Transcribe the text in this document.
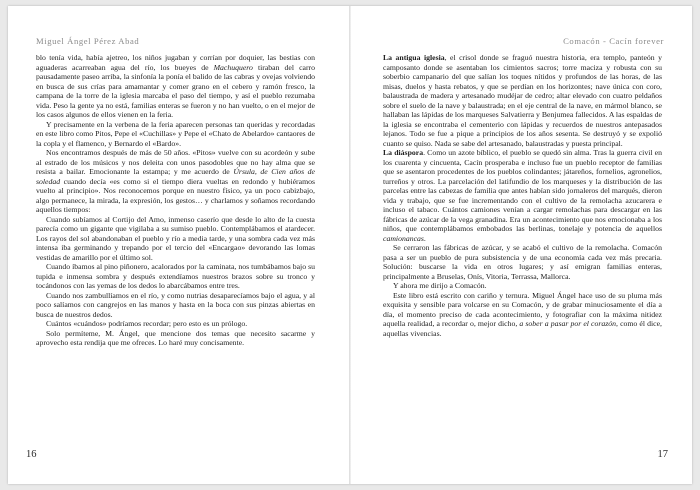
Miguel Ángel Pérez Abad

blo tenía vida, había ajetreo, los niños jugaban y corrían por doquier, las bestias con aguaderas acarreaban agua del río, los bueyes de Machuquero tiraban del carro pausadamente paseo arriba, la sinfonía la ponía el balido de las cabras y ovejas volviendo en busca de sus crías para amamantar y comer grano en el cebero y ramón fresco, la campana de la torre de la iglesia marcaba el paso del tiempo, y así el pueblo rezumaba vida. Peso la gente ya no está, familias enteras se fueron y no han vuelto, o en el mejor de los casos algunos de ellos vienen en la feria.

Y precisamente en la verbena de la feria aparecen personas tan queridas y recordadas en este libro como Pitos, Pepe el «Cuchillas» y Pepe el «Chato de Abelardo» cantaores de la copla y el flamenco, y Bernardo el «Bardo».

Nos encontramos después de más de 50 años. «Pitos» vuelve con su acordeón y sube al estrado de los músicos y nos deleita con unos pasodobles que no hay alma que se resista a bailar. Emocionante la estampa; y me acuerdo de Úrsula, de Cien años de soledad cuando decía «es como si el tiempo diera vueltas en redondo y hubiéramos vuelto al principio». Nos reconocemos porque en nuestro físico, ya un poco cabizbajo, algo permanece, la mirada, la expresión, los gestos… y charlamos y soñamos recordando aquellos tiempos:

Cuando subíamos al Cortijo del Amo, inmenso caserío que desde lo alto de la cuesta parecía como un gigante que vigilaba a su sumiso pueblo. Contemplábamos el atardecer. Los rayos del sol abandonaban el pueblo y río a media tarde, y una sombra cada vez más intensa iba germinando y trepando por el tercio del «Encargao» devorando las lomas vestidas de amarillo por el último sol.

Cuando íbamos al pino piñonero, acalorados por la caminata, nos tumbábamos bajo su tupida e inmensa sombra y después extendíamos nuestros brazos sobre su tronco y tocándonos con las yemas de los dedos lo abarcábamos entre tres.

Cuando nos zambullíamos en el río, y como nutrias desaparecíamos bajo el agua, y al poco salíamos con cangrejos en las manos y hasta en la boca con sus pinzas abiertas en busca de nuestros dedos.

Cuántos «cuándos» podríamos recordar; pero esto es un prólogo.

Solo permíteme, M. Ángel, que mencione dos temas que necesito sacarme y aprovecho esta rendija que me ofreces. Lo haré muy concisamente.

16
Comacón - Cacín forever

La antigua iglesia, el crisol donde se fraguó nuestra historia, era templo, panteón y camposanto donde se asentaban los cimientos sacros; torre maciza y robusta con su soberbio campanario del que salían los toques nítidos y profundos de las horas, de las misas, duelos y hasta rebatos, y que se perdían en los horizontes; nave única con coro, balaustrada de madera y artesanado mudéjar de cedro; altar elevado con cuatro peldaños sobre el suelo de la nave y balaustrada; en el eje central de la nave, en mármol blanco, se hallaban las lápidas de los marqueses Salvatierra y Benjumea fallecidos. A las espaldas de la iglesia se encontraba el cementerio con lápidas y recuerdos de nuestros antepasados lejanos. Todo se fue a pique a principios de los años sesenta. Se destruyó y se expolió cuanto se quiso. Nada se sabe del artesanado, balaustradas y puesta principal.

La diáspora. Como un azote bíblico, el pueblo se quedó sin alma. Tras la guerra civil en los cuarenta y cincuenta, Cacín prosperaba e incluso fue un pueblo receptor de familias que se asentaron procedentes de los pueblos colindantes; játareños, fornelios, agronelios, turreños y otros. La parcelación del latifundio de los marqueses y la distribución de las parcelas entre las cabezas de familia que antes habían sido jornaleros del marqués, dieron vida y trabajo, que se fue incrementando con el cultivo de la remolacha azucarera e incluso el tabaco. Cuántos camiones venían a cargar remolachas para descargar en las fábricas de azúcar de la vega granadina. Era un acontecimiento que nos emocionaba a los niños, que contemplábamos embobados las berlinas, tonelaje y potencia de aquellos camionancas.

Se cerraron las fábricas de azúcar, y se acabó el cultivo de la remolacha. Comacón pasa a ser un pueblo de pura subsistencia y de una economía cada vez más precaria. Solución: buscarse la vida en otros lugares; y así emigran familias enteras, principalmente a Bruselas, Onís, Vitoria, Terrassa, Mallorca.

Y ahora me dirijo a Comacón.

Este libro está escrito con cariño y ternura. Miguel Ángel hace uso de su pluma más exquisita y sensible para volcarse en su Comacón, y de grabar minuciosamente el día a día, el momento preciso de cada acontecimiento, y fotografiar con la máxima nitidez aquella realidad, a recordar o, mejor dicho, a sober a pasar por el corazón, como él dice, aquellas vivencias.

17
